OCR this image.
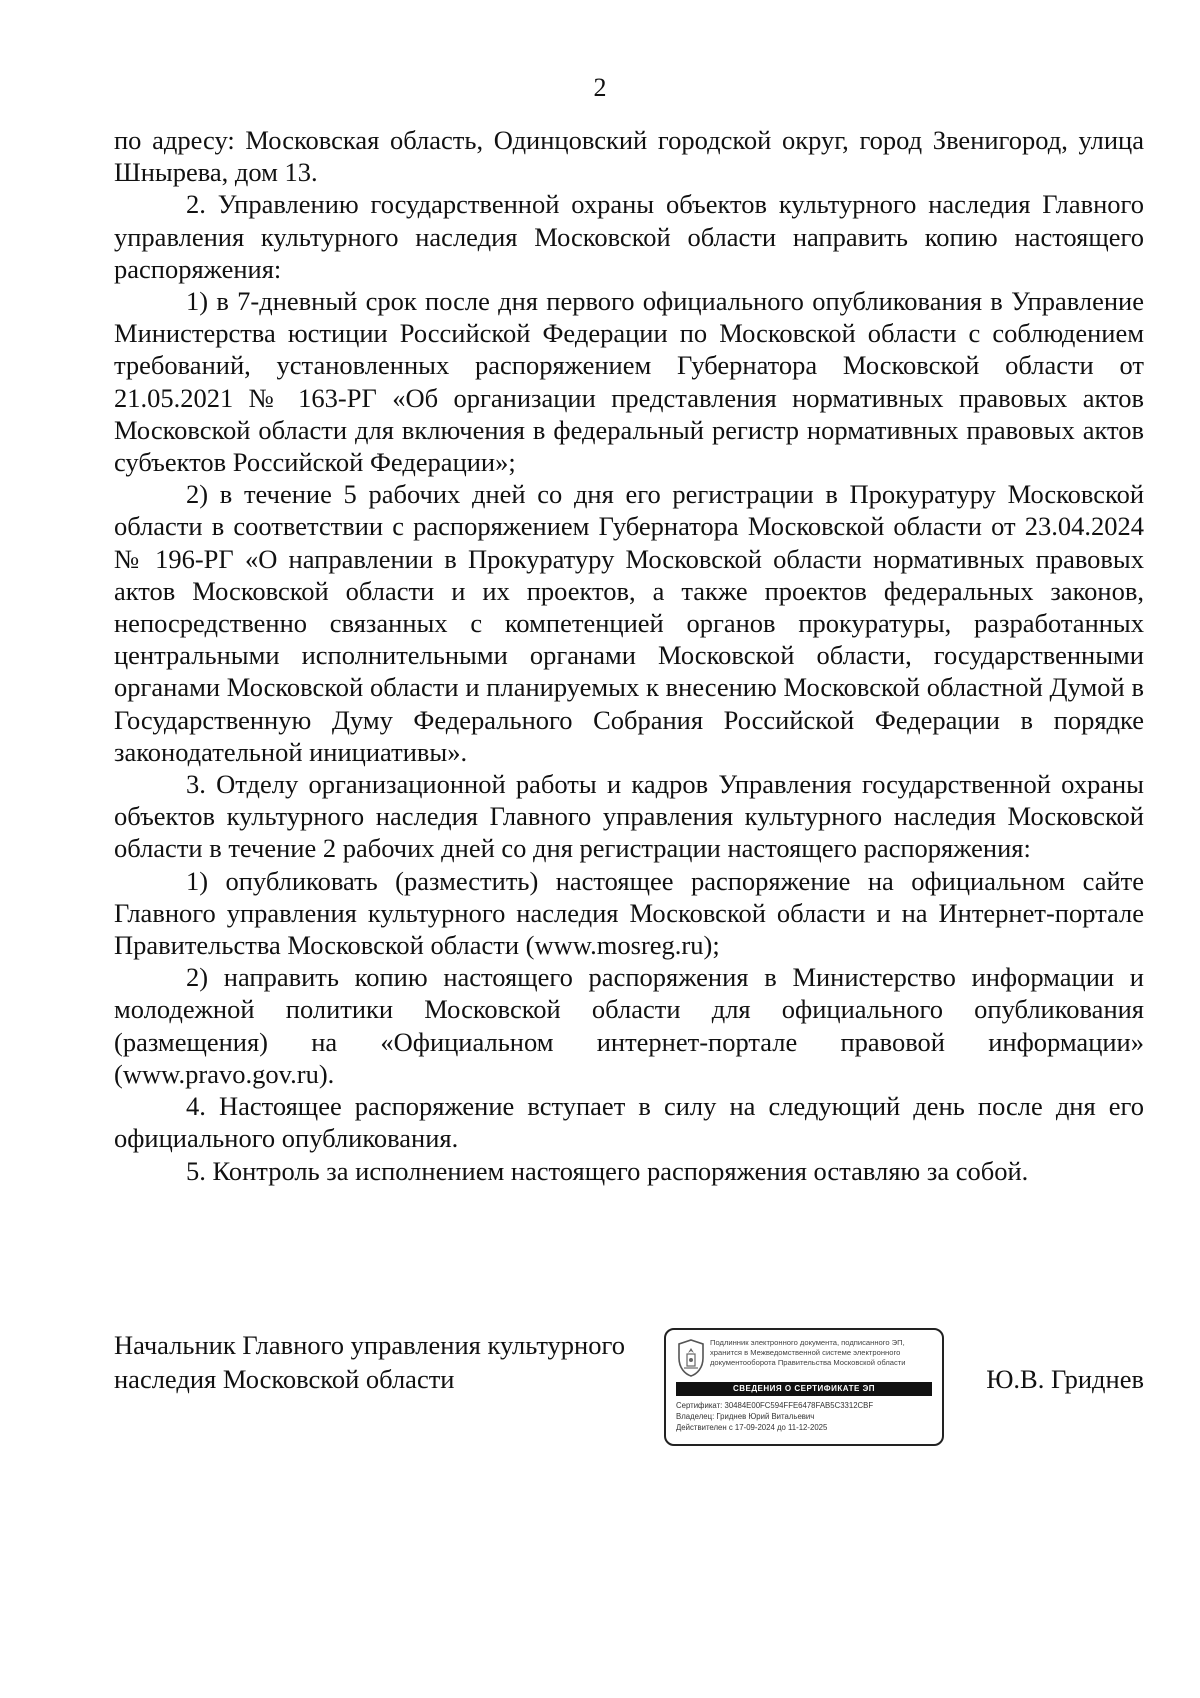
2

по адресу: Московская область, Одинцовский городской округ, город Звенигород, улица Шнырева, дом 13.

2. Управлению государственной охраны объектов культурного наследия Главного управления культурного наследия Московской области направить копию настоящего распоряжения:

1) в 7-дневный срок после дня первого официального опубликования в Управление Министерства юстиции Российской Федерации по Московской области с соблюдением требований, установленных распоряжением Губернатора Московской области от 21.05.2021 № 163-РГ «Об организации представления нормативных правовых актов Московской области для включения в федеральный регистр нормативных правовых актов субъектов Российской Федерации»;

2) в течение 5 рабочих дней со дня его регистрации в Прокуратуру Московской области в соответствии с распоряжением Губернатора Московской области от 23.04.2024 № 196-РГ «О направлении в Прокуратуру Московской области нормативных правовых актов Московской области и их проектов, а также проектов федеральных законов, непосредственно связанных с компетенцией органов прокуратуры, разработанных центральными исполнительными органами Московской области, государственными органами Московской области и планируемых к внесению Московской областной Думой в Государственную Думу Федерального Собрания Российской Федерации в порядке законодательной инициативы».

3. Отделу организационной работы и кадров Управления государственной охраны объектов культурного наследия Главного управления культурного наследия Московской области в течение 2 рабочих дней со дня регистрации настоящего распоряжения:

1) опубликовать (разместить) настоящее распоряжение на официальном сайте Главного управления культурного наследия Московской области и на Интернет-портале Правительства Московской области (www.mosreg.ru);

2) направить копию настоящего распоряжения в Министерство информации и молодежной политики Московской области для официального опубликования (размещения) на «Официальном интернет-портале правовой информации» (www.pravo.gov.ru).

4. Настоящее распоряжение вступает в силу на следующий день после дня его официального опубликования.

5. Контроль за исполнением настоящего распоряжения оставляю за собой.

Начальник Главного управления культурного наследия Московской области
Подлинник электронного документа, подписанного ЭП, хранится в Межведомственной системе электронного документооборота Правительства Московской области
СВЕДЕНИЯ О СЕРТИФИКАТЕ ЭП
Сертификат: 30484E00FC594FFE6478FAB5C3312CBF
Владелец: Гриднев Юрий Витальевич
Действителен с 17-09-2024 до 11-12-2025
Ю.В. Гриднев
